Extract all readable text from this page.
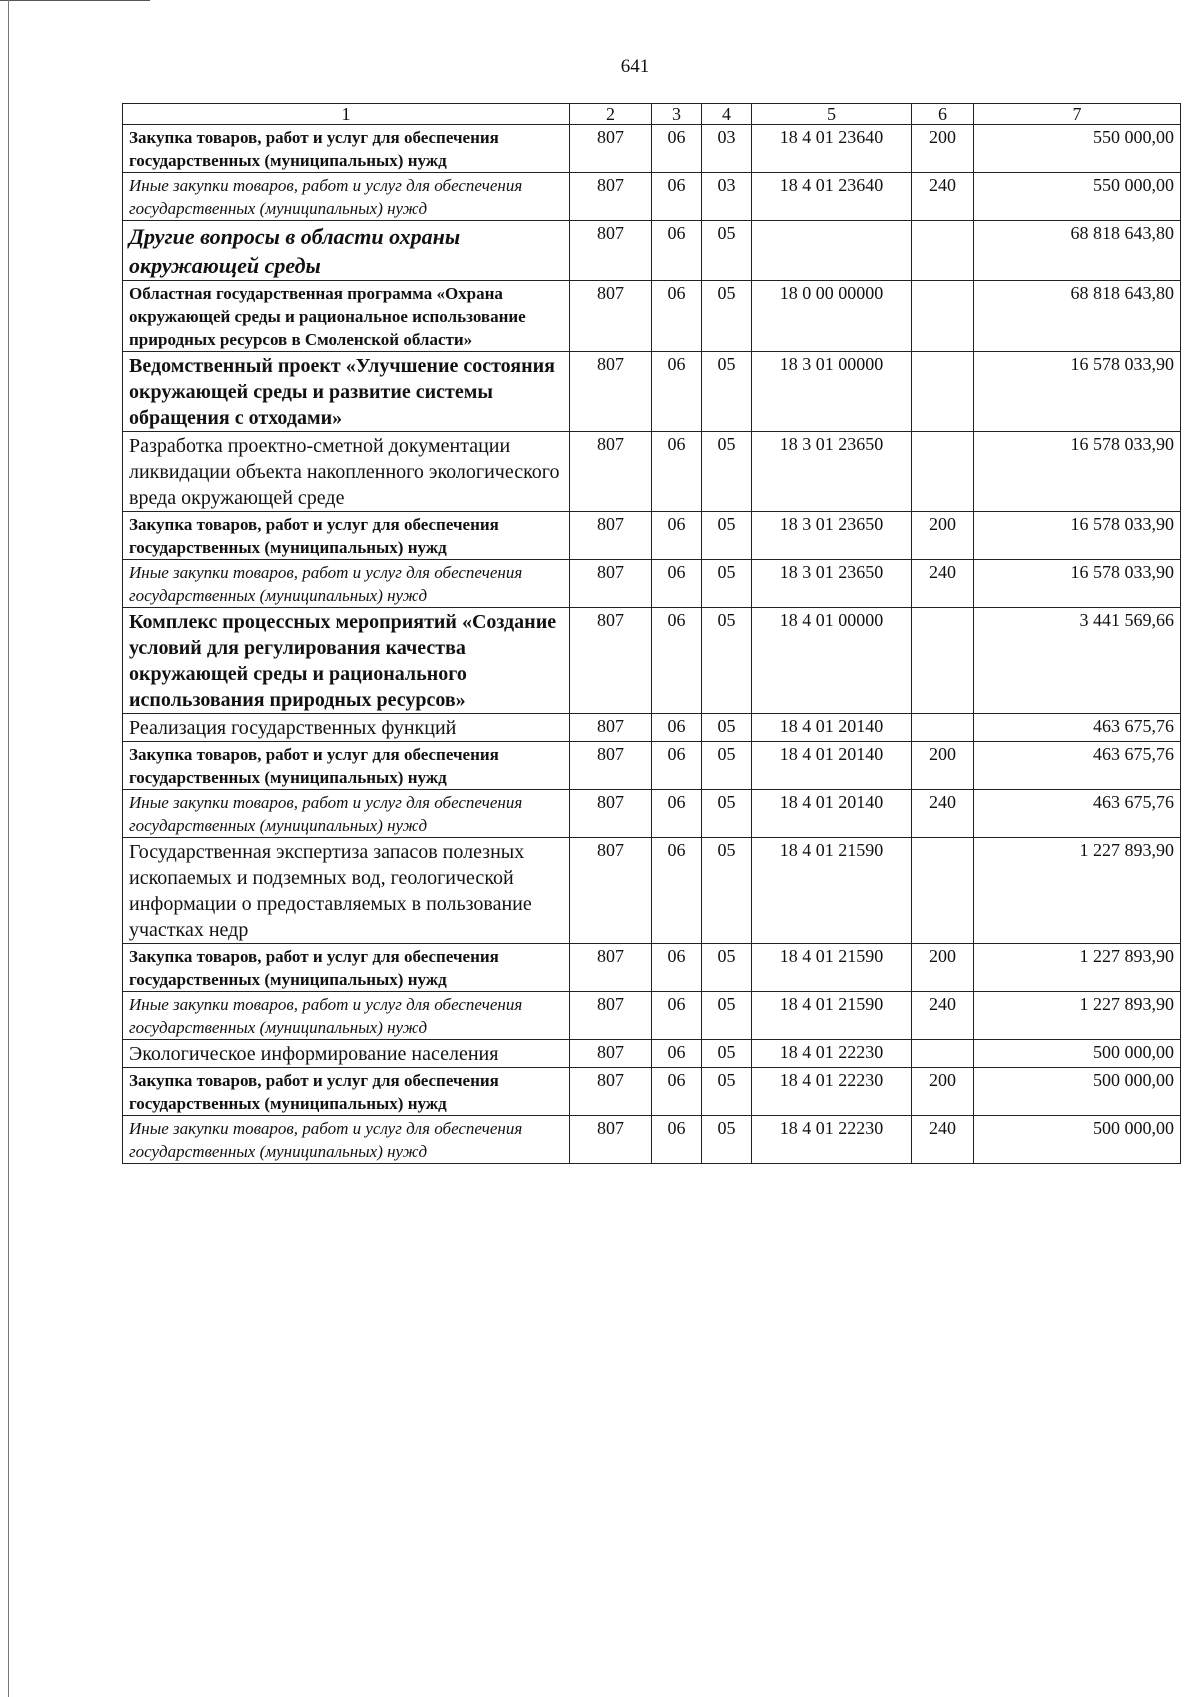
641
1	2	3	4	5	6	7
Закупка товаров, работ и услуг для обеспечения государственных (муниципальных) нужд	807	06	03	18 4 01 23640	200	550 000,00
Иные закупки товаров, работ и услуг для обеспечения государственных (муниципальных) нужд	807	06	03	18 4 01 23640	240	550 000,00
Другие вопросы в области охраны окружающей среды	807	06	05			68 818 643,80
Областная государственная программа «Охрана окружающей среды и рациональное использование природных ресурсов в Смоленской области»	807	06	05	18 0 00 00000		68 818 643,80
Ведомственный проект «Улучшение состояния окружающей среды и развитие системы обращения с отходами»	807	06	05	18 3 01 00000		16 578 033,90
Разработка проектно-сметной документации ликвидации объекта накопленного экологического вреда окружающей среде	807	06	05	18 3 01 23650		16 578 033,90
Закупка товаров, работ и услуг для обеспечения государственных (муниципальных) нужд	807	06	05	18 3 01 23650	200	16 578 033,90
Иные закупки товаров, работ и услуг для обеспечения государственных (муниципальных) нужд	807	06	05	18 3 01 23650	240	16 578 033,90
Комплекс процессных мероприятий «Создание условий для регулирования качества окружающей среды и рационального использования природных ресурсов»	807	06	05	18 4 01 00000		3 441 569,66
Реализация государственных функций	807	06	05	18 4 01 20140		463 675,76
Закупка товаров, работ и услуг для обеспечения государственных (муниципальных) нужд	807	06	05	18 4 01 20140	200	463 675,76
Иные закупки товаров, работ и услуг для обеспечения государственных (муниципальных) нужд	807	06	05	18 4 01 20140	240	463 675,76
Государственная экспертиза запасов полезных ископаемых и подземных вод, геологической информации о предоставляемых в пользование участках недр	807	06	05	18 4 01 21590		1 227 893,90
Закупка товаров, работ и услуг для обеспечения государственных (муниципальных) нужд	807	06	05	18 4 01 21590	200	1 227 893,90
Иные закупки товаров, работ и услуг для обеспечения государственных (муниципальных) нужд	807	06	05	18 4 01 21590	240	1 227 893,90
Экологическое информирование населения	807	06	05	18 4 01 22230		500 000,00
Закупка товаров, работ и услуг для обеспечения государственных (муниципальных) нужд	807	06	05	18 4 01 22230	200	500 000,00
Иные закупки товаров, работ и услуг для обеспечения государственных (муниципальных) нужд	807	06	05	18 4 01 22230	240	500 000,00
